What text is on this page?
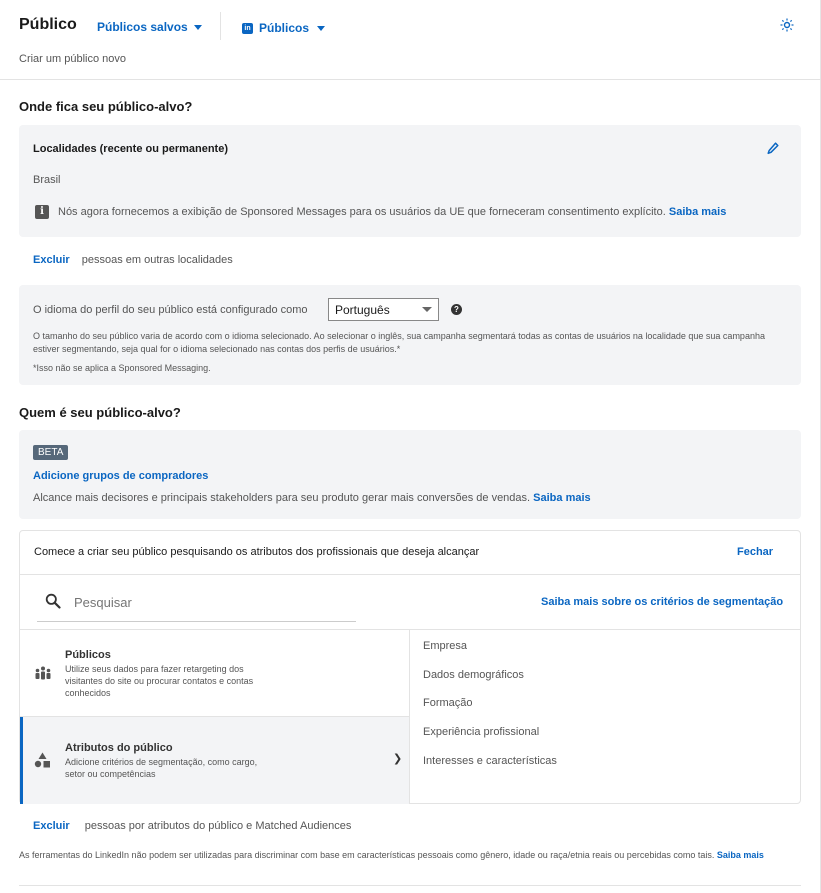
Público Públicos salvos	in Públicos
Criar um público novo
Onde fica seu público-alvo?
Localidades (recente ou permanente)
Brasil
i	Nós agora fornecemos a exibição de Sponsored Messages para os usuários da UE que forneceram consentimento explícito. Saiba mais
Excluir pessoas em outras localidades
O idioma do perfil do seu público está configurado como Português	?
O tamanho do seu público varia de acordo com o idioma selecionado. Ao selecionar o inglês, sua campanha segmentará todas as contas de usuários na localidade que sua campanha estiver segmentando, seja qual for o idioma selecionado nas contas dos perfis de usuários.*
*Isso não se aplica a Sponsored Messaging.
Quem é seu público-alvo?
BETA
Adicione grupos de compradores
Alcance mais decisores e principais stakeholders para seu produto gerar mais conversões de vendas. Saiba mais
Comece a criar seu público pesquisando os atributos dos profissionais que deseja alcançar	Fechar
Pesquisar
Saiba mais sobre os critérios de segmentação
Públicos
Utilize seus dados para fazer retargeting dos visitantes do site ou procurar contatos e contas conhecidos
Atributos do público
Adicione critérios de segmentação, como cargo, setor ou competências
❯
Empresa
Dados demográficos
Formação
Experiência profissional
Interesses e características
Excluir pessoas por atributos do público e Matched Audiences
As ferramentas do LinkedIn não podem ser utilizadas para discriminar com base em características pessoais como gênero, idade ou raça/etnia reais ou percebidas como tais. Saiba mais
